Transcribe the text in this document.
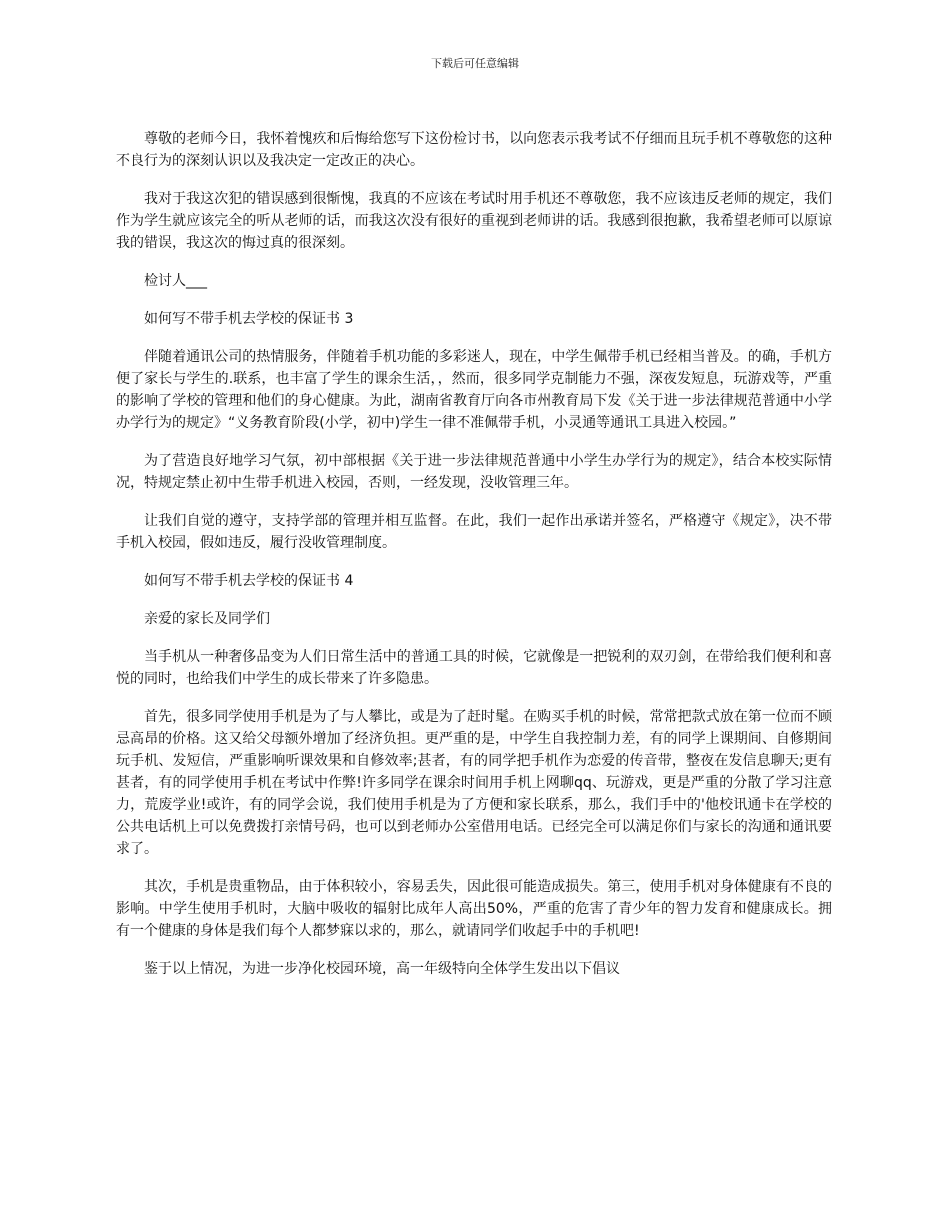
下载后可任意编辑

尊敬的老师今日，我怀着愧疚和后悔给您写下这份检讨书，以向您表示我考试不仔细而且玩手机不尊敬您的这种不良行为的深刻认识以及我决定一定改正的决心。

我对于我这次犯的错误感到很惭愧，我真的不应该在考试时用手机还不尊敬您，我不应该违反老师的规定，我们作为学生就应该完全的听从老师的话，而我这次没有很好的重视到老师讲的话。我感到很抱歉，我希望老师可以原谅我的错误，我这次的悔过真的很深刻。

检讨人___

如何写不带手机去学校的保证书 3

伴随着通讯公司的热情服务，伴随着手机功能的多彩迷人，现在，中学生佩带手机已经相当普及。的确，手机方便了家长与学生的.联系，也丰富了学生的课余生活，，然而，很多同学克制能力不强，深夜发短息，玩游戏等，严重的影响了学校的管理和他们的身心健康。为此，湖南省教育厅向各市州教育局下发《关于进一步法律规范普通中小学办学行为的规定》“义务教育阶段(小学，初中)学生一律不准佩带手机，小灵通等通讯工具进入校园。”

为了营造良好地学习气氛，初中部根据《关于进一步法律规范普通中小学生办学行为的规定》，结合本校实际情况，特规定禁止初中生带手机进入校园，否则，一经发现，没收管理三年。

让我们自觉的遵守，支持学部的管理并相互监督。在此，我们一起作出承诺并签名，严格遵守《规定》，决不带手机入校园，假如违反，履行没收管理制度。

如何写不带手机去学校的保证书 4

亲爱的家长及同学们

当手机从一种奢侈品变为人们日常生活中的普通工具的时候，它就像是一把锐利的双刃剑，在带给我们便利和喜悦的同时，也给我们中学生的成长带来了许多隐患。

首先，很多同学使用手机是为了与人攀比，或是为了赶时髦。在购买手机的时候，常常把款式放在第一位而不顾忌高昂的价格。这又给父母额外增加了经济负担。更严重的是，中学生自我控制力差，有的同学上课期间、自修期间玩手机、发短信，严重影响听课效果和自修效率;甚者，有的同学把手机作为恋爱的传音带，整夜在发信息聊天;更有甚者，有的同学使用手机在考试中作弊!许多同学在课余时间用手机上网聊qq、玩游戏，更是严重的分散了学习注意力，荒废学业!或许，有的同学会说，我们使用手机是为了方便和家长联系，那么，我们手中的'他校讯通卡在学校的公共电话机上可以免费拨打亲情号码，也可以到老师办公室借用电话。已经完全可以满足你们与家长的沟通和通讯要求了。

其次，手机是贵重物品，由于体积较小，容易丢失，因此很可能造成损失。第三，使用手机对身体健康有不良的影响。中学生使用手机时，大脑中吸收的辐射比成年人高出50%，严重的危害了青少年的智力发育和健康成长。拥有一个健康的身体是我们每个人都梦寐以求的，那么，就请同学们收起手中的手机吧!

鉴于以上情况，为进一步净化校园环境，高一年级特向全体学生发出以下倡议
